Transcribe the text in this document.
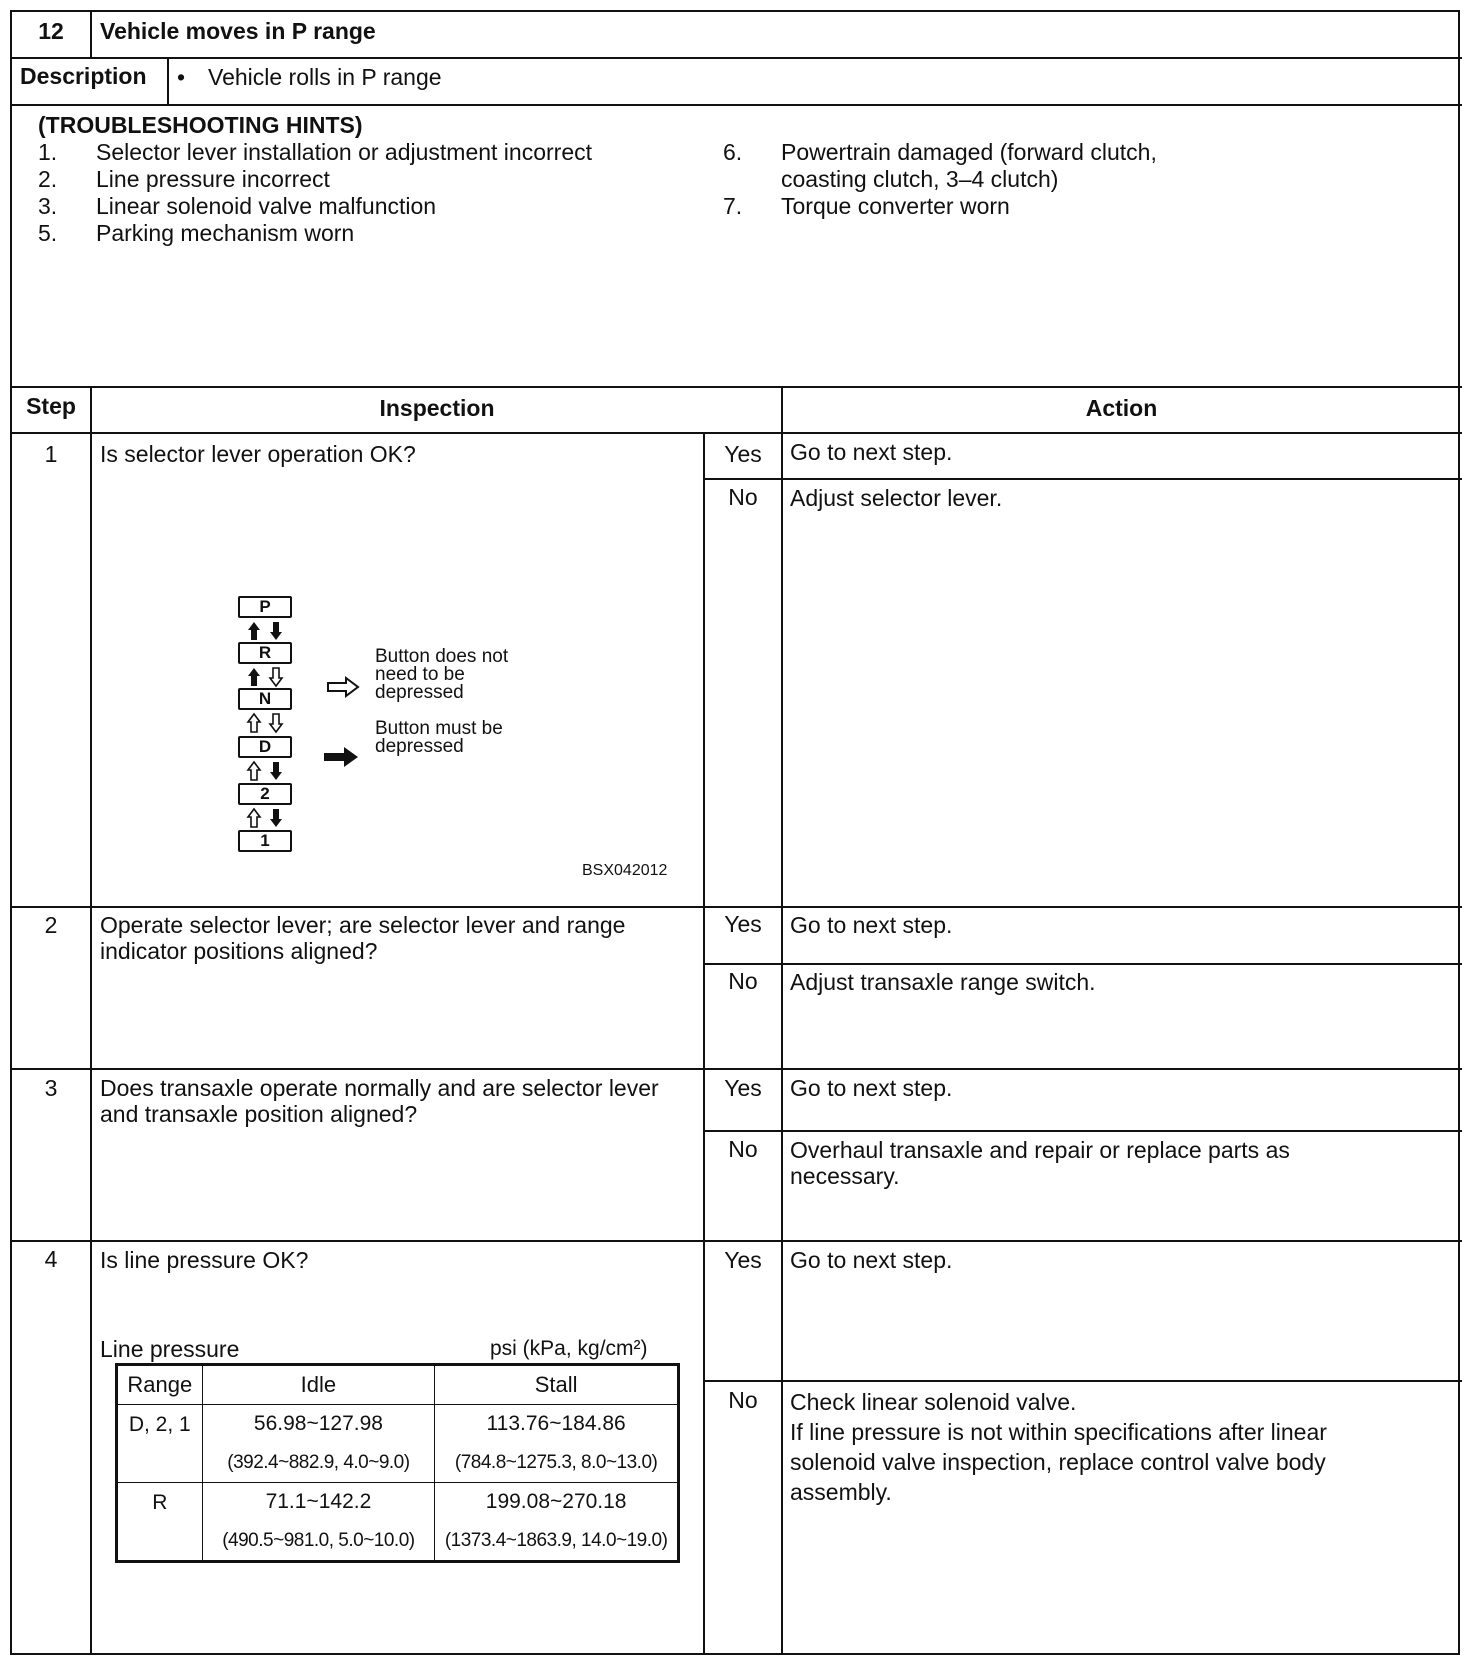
12	Vehicle moves in P range
Description • Vehicle rolls in P range
(TROUBLESHOOTING HINTS)
1.	Selector lever installation or adjustment incorrect
2.	Line pressure incorrect
3.	Linear solenoid valve malfunction
5.	Parking mechanism worn
6.	Powertrain damaged (forward clutch,
coasting clutch, 3–4 clutch)
7.	Torque converter worn
Step	Inspection	Action
1	Is selector lever operation OK?	Yes	Go to next step.
No	Adjust selector lever.
P
R
N
D
2
1
Button does not
need to be
depressed
Button must be
depressed
BSX042012
2	Operate selector lever; are selector lever and range indicator positions aligned?
Yes	Go to next step.
No	Adjust transaxle range switch.
3	Does transaxle operate normally and are selector lever and transaxle position aligned?
Yes	Go to next step.
No	Overhaul transaxle and repair or replace parts as necessary.
4	Is line pressure OK?	Yes	Go to next step.
No	Check linear solenoid valve.
If line pressure is not within specifications after linear solenoid valve inspection, replace control valve body assembly.
Line pressure	psi (kPa, kg/cm²)
Range	Idle	Stall
D, 2, 1	56.98~127.98	113.76~184.86
	(392.4~882.9, 4.0~9.0)	(784.8~1275.3, 8.0~13.0)
R	71.1~142.2	199.08~270.18
	(490.5~981.0, 5.0~10.0)	(1373.4~1863.9, 14.0~19.0)
